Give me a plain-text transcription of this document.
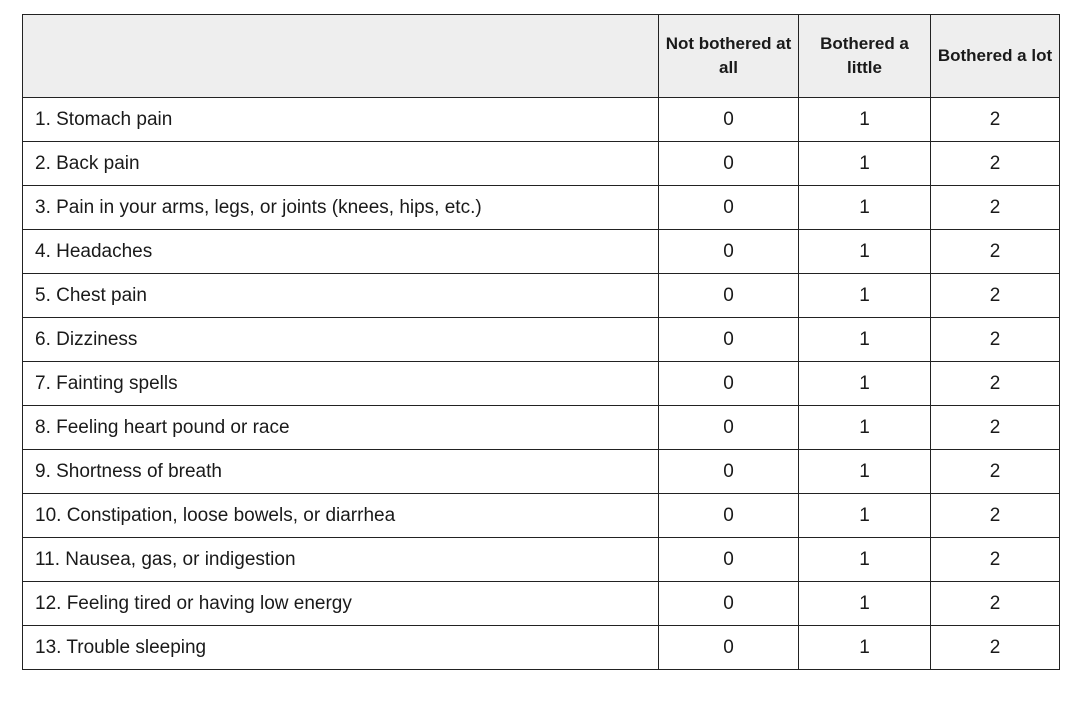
	Not bothered at all	Bothered a little	Bothered a lot
1. Stomach pain	0	1	2
2. Back pain	0	1	2
3. Pain in your arms, legs, or joints (knees, hips, etc.)	0	1	2
4. Headaches	0	1	2
5. Chest pain	0	1	2
6. Dizziness	0	1	2
7. Fainting spells	0	1	2
8. Feeling heart pound or race	0	1	2
9. Shortness of breath	0	1	2
10. Constipation, loose bowels, or diarrhea	0	1	2
11. Nausea, gas, or indigestion	0	1	2
12. Feeling tired or having low energy	0	1	2
13. Trouble sleeping	0	1	2
